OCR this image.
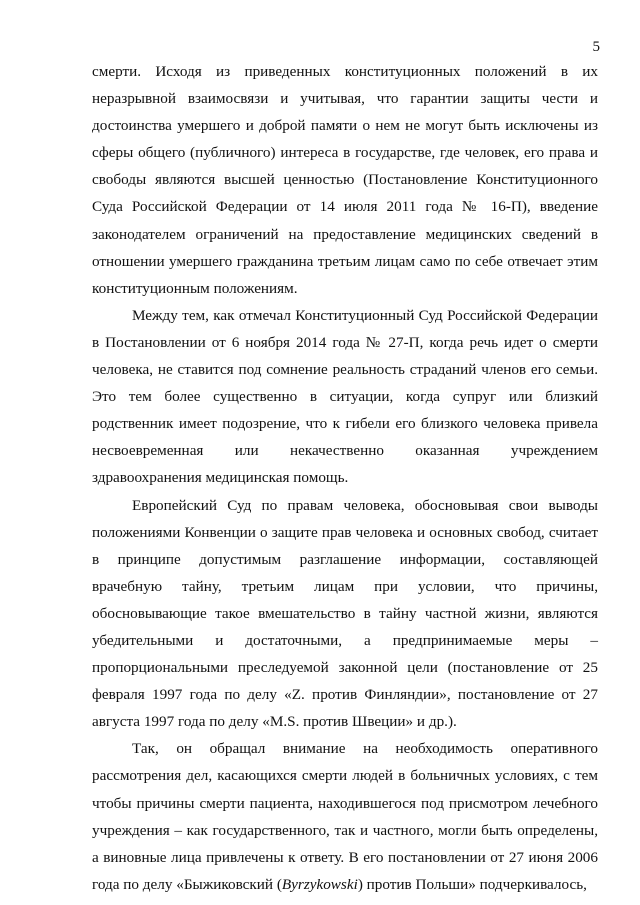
5

смерти. Исходя из приведенных конституционных положений в их неразрывной взаимосвязи и учитывая, что гарантии защиты чести и достоинства умершего и доброй памяти о нем не могут быть исключены из сферы общего (публичного) интереса в государстве, где человек, его права и свободы являются высшей ценностью (Постановление Конституционного Суда Российской Федерации от 14 июля 2011 года № 16-П), введение законодателем ограничений на предоставление медицинских сведений в отношении умершего гражданина третьим лицам само по себе отвечает этим конституционным положениям.

Между тем, как отмечал Конституционный Суд Российской Федерации в Постановлении от 6 ноября 2014 года № 27-П, когда речь идет о смерти человека, не ставится под сомнение реальность страданий членов его семьи. Это тем более существенно в ситуации, когда супруг или близкий родственник имеет подозрение, что к гибели его близкого человека привела несвоевременная или некачественно оказанная учреждением здравоохранения медицинская помощь.

Европейский Суд по правам человека, обосновывая свои выводы положениями Конвенции о защите прав человека и основных свобод, считает в принципе допустимым разглашение информации, составляющей врачебную тайну, третьим лицам при условии, что причины, обосновывающие такое вмешательство в тайну частной жизни, являются убедительными и достаточными, а предпринимаемые меры – пропорциональными преследуемой законной цели (постановление от 25 февраля 1997 года по делу «Z. против Финляндии», постановление от 27 августа 1997 года по делу «M.S. против Швеции» и др.).

Так, он обращал внимание на необходимость оперативного рассмотрения дел, касающихся смерти людей в больничных условиях, с тем чтобы причины смерти пациента, находившегося под присмотром лечебного учреждения – как государственного, так и частного, могли быть определены, а виновные лица привлечены к ответу. В его постановлении от 27 июня 2006 года по делу «Быжиковский (Byrzykowski) против Польши» подчеркивалось,
